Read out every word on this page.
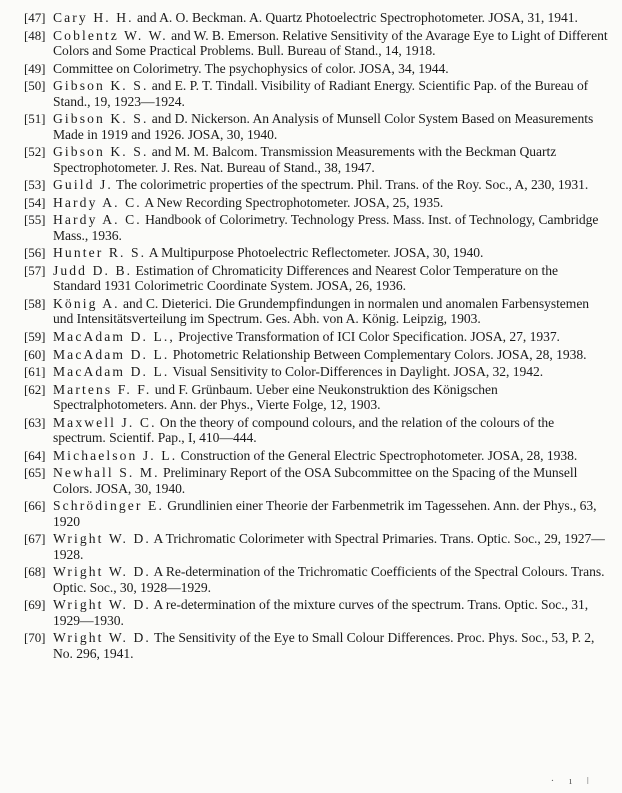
[47] Cary H. H. and A. O. Beckman. A. Quartz Photoelectric Spectrophotometer. JOSA, 31, 1941.
[48] Coblentz W. W. and W. B. Emerson. Relative Sensitivity of the Avarage Eye to Light of Different Colors and Some Practical Problems. Bull. Bureau of Stand., 14, 1918.
[49] Committee on Colorimetry. The psychophysics of color. JOSA, 34, 1944.
[50] Gibson K. S. and E. P. T. Tindall. Visibility of Radiant Energy. Scientific Pap. of the Bureau of Stand., 19, 1923—1924.
[51] Gibson K. S. and D. Nickerson. An Analysis of Munsell Color System Based on Measurements Made in 1919 and 1926. JOSA, 30, 1940.
[52] Gibson K. S. and M. M. Balcom. Transmission Measurements with the Beckman Quartz Spectrophotometer. J. Res. Nat. Bureau of Stand., 38, 1947.
[53] Guild J. The colorimetric properties of the spectrum. Phil. Trans. of the Roy. Soc., A, 230, 1931.
[54] Hardy A. C. A New Recording Spectrophotometer. JOSA, 25, 1935.
[55] Hardy A. C. Handbook of Colorimetry. Technology Press. Mass. Inst. of Technology, Cambridge Mass., 1936.
[56] Hunter R. S. A Multipurpose Photoelectric Reflectometer. JOSA, 30, 1940.
[57] Judd D. B. Estimation of Chromaticity Differences and Nearest Color Temperature on the Standard 1931 Colorimetric Coordinate System. JOSA, 26, 1936.
[58] König A. and C. Dieterici. Die Grundempfindungen in normalen und anomalen Farbensystemen und Intensitätsverteilung im Spectrum. Ges. Abh. von A. König. Leipzig, 1903.
[59] MacAdam D. L., Projective Transformation of ICI Color Specification. JOSA, 27, 1937.
[60] MacAdam D. L. Photometric Relationship Between Complementary Colors. JOSA, 28, 1938.
[61] MacAdam D. L. Visual Sensitivity to Color-Differences in Daylight. JOSA, 32, 1942.
[62] Martens F. F. und F. Grünbaum. Ueber eine Neukonstruktion des Königschen Spectralphotometers. Ann. der Phys., Vierte Folge, 12, 1903.
[63] Maxwell J. C. On the theory of compound colours, and the relation of the colours of the spectrum. Scientif. Pap., I, 410—444.
[64] Michaelson J. L. Construction of the General Electric Spectrophotometer. JOSA, 28, 1938.
[65] Newhall S. M. Preliminary Report of the OSA Subcommittee on the Spacing of the Munsell Colors. JOSA, 30, 1940.
[66] Schrödinger E. Grundlinien einer Theorie der Farbenmetrik im Tagessehen. Ann. der Phys., 63, 1920
[67] Wright W. D. A Trichromatic Colorimeter with Spectral Primaries. Trans. Optic. Soc., 29, 1927—1928.
[68] Wright W. D. A Re-determination of the Trichromatic Coefficients of the Spectral Colours. Trans. Optic. Soc., 30, 1928—1929.
[69] Wright W. D. A re-determination of the mixture curves of the spectrum. Trans. Optic. Soc., 31, 1929—1930.
[70] Wright W. D. The Sensitivity of the Eye to Small Colour Differences. Proc. Phys. Soc., 53, P. 2, No. 296, 1941.
· ı ǀ
